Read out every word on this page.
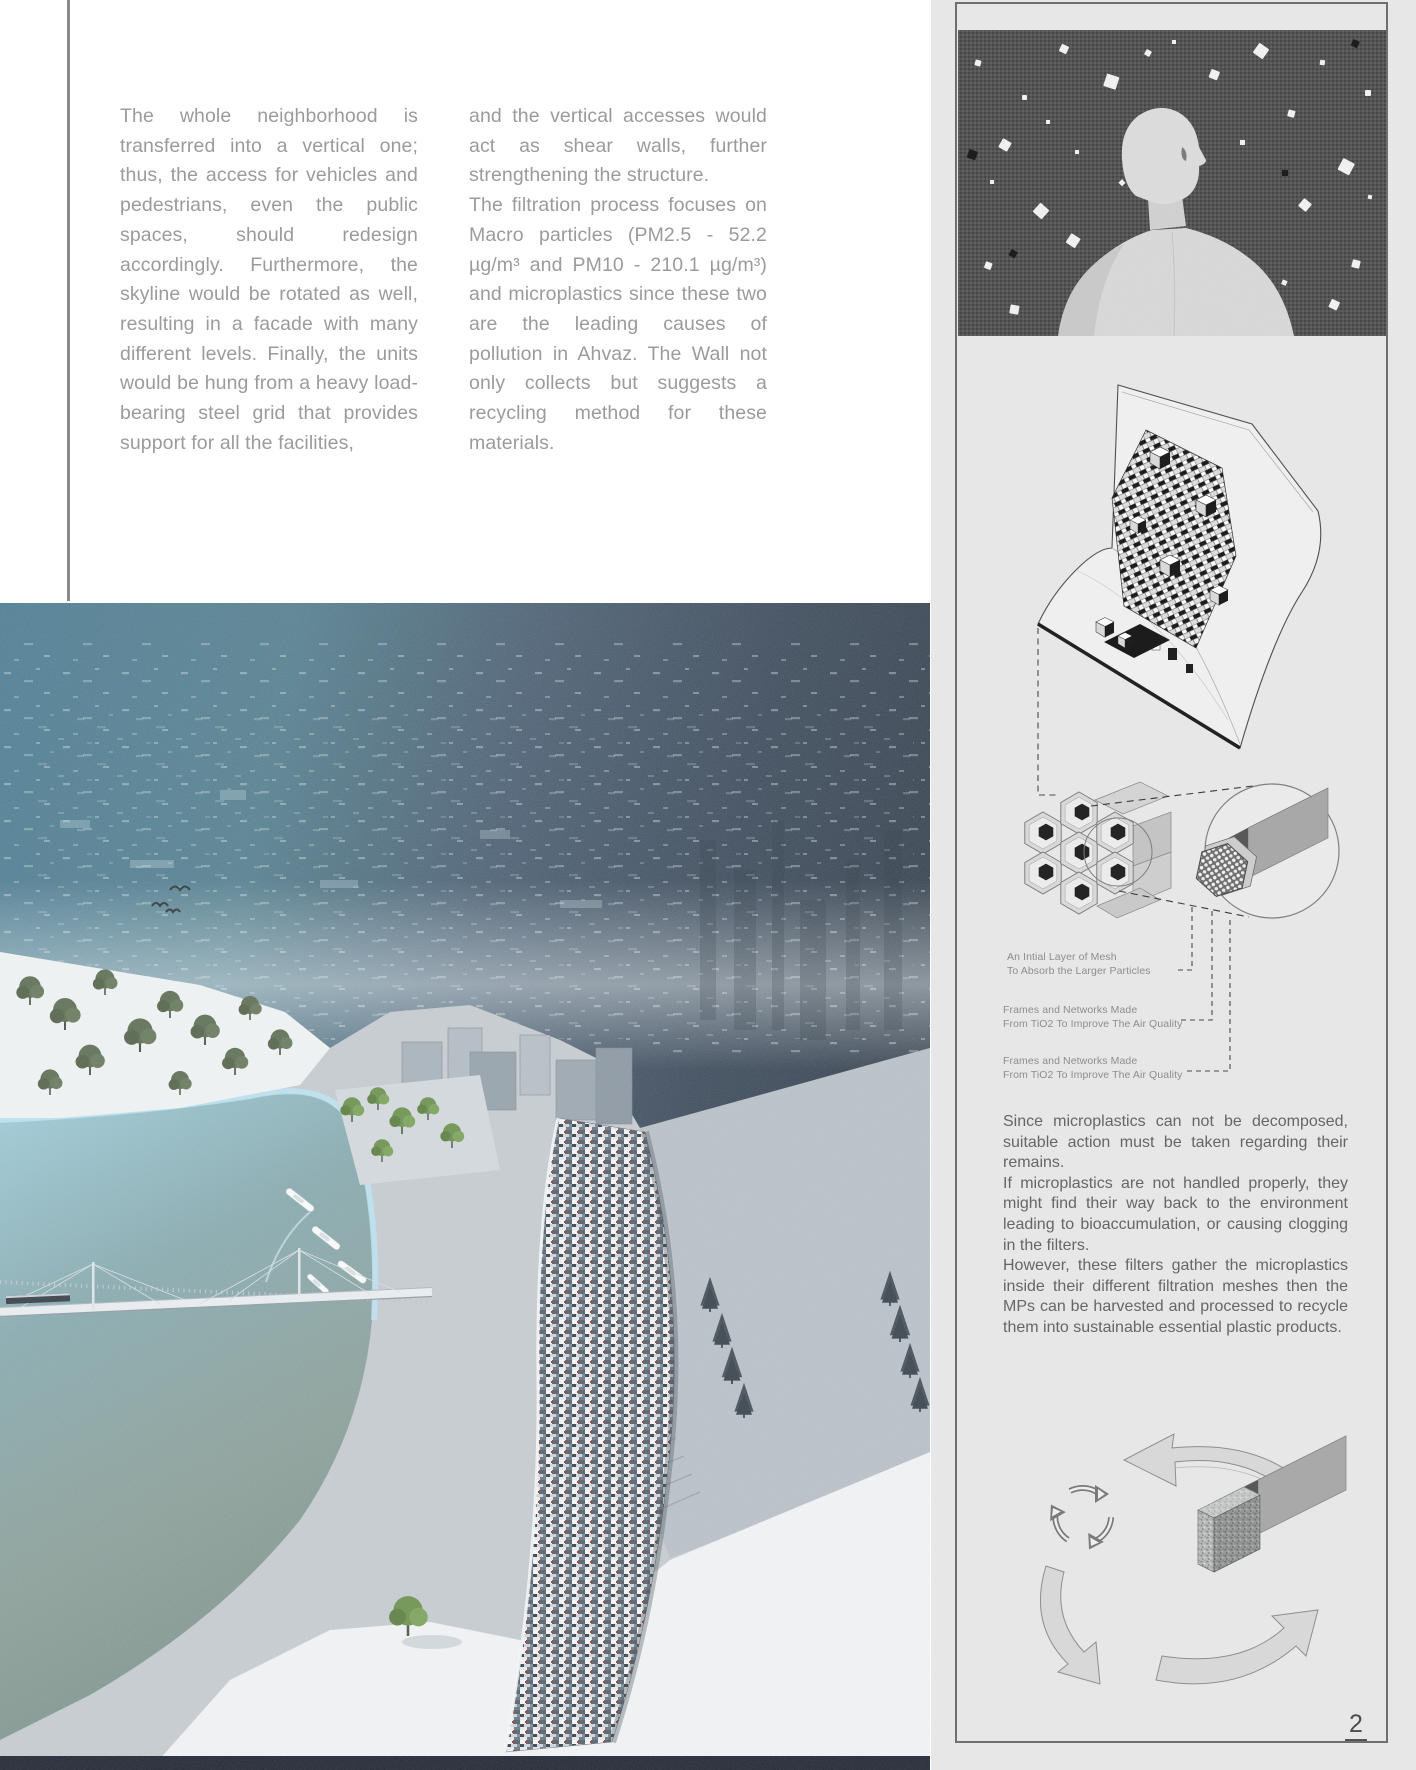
The whole neighborhood is transferred into a vertical one; thus, the access for vehicles and pedestrians, even the public spaces, should redesign accordingly. Furthermore, the skyline would be rotated as well, resulting in a facade with many different levels. Finally, the units would be hung from a heavy load-bearing steel grid that provides support for all the facilities,

and the vertical accesses would act as shear walls, further strengthening the structure.

The filtration process focuses on Macro particles (PM2.5 - 52.2 µg/m³ and PM10 - 210.1 µg/m³) and microplastics since these two are the leading causes of pollution in Ahvaz. The Wall not only collects but suggests a recycling method for these materials.

An Intial Layer of Mesh
To Absorb the Larger Particles
Frames and Networks Made
From TiO2 To Improve The Air Quality
Frames and Networks Made
From TiO2 To Improve The Air Quality

Since microplastics can not be decomposed, suitable action must be taken regarding their remains.

If microplastics are not handled properly, they might find their way back to the environment leading to bioaccumulation, or causing clogging in the filters.

However, these filters gather the microplastics inside their different filtration meshes then the MPs can be harvested and processed to recycle them into sustainable essential plastic products.

2
